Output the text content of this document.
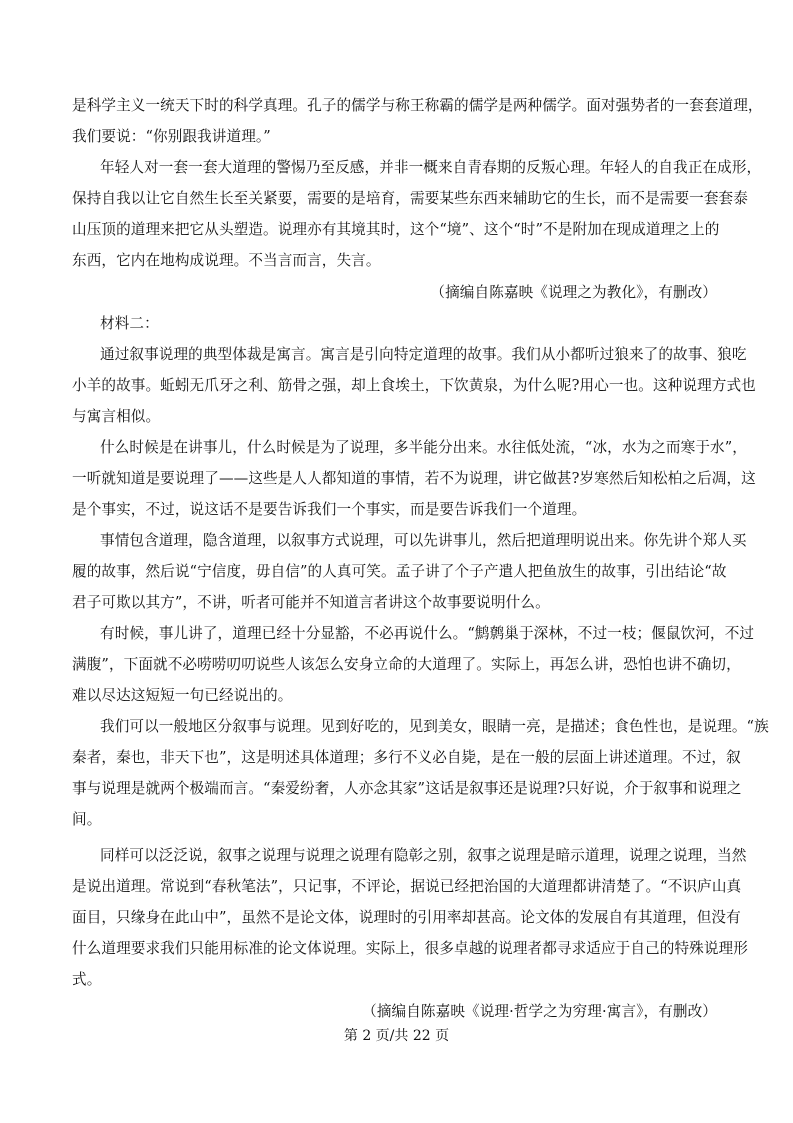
是科学主义一统天下时的科学真理。孔子的儒学与称王称霸的儒学是两种儒学。面对强势者的一套套道理，
我们要说：“你别跟我讲道理。”
年轻人对一套一套大道理的警惕乃至反感，并非一概来自青春期的反叛心理。年轻人的自我正在成形，
保持自我以让它自然生长至关紧要，需要的是培育，需要某些东西来辅助它的生长，而不是需要一套套泰
山压顶的道理来把它从头塑造。说理亦有其境其时，这个“境”、这个“时”不是附加在现成道理之上的
东西，它内在地构成说理。不当言而言，失言。
（摘编自陈嘉映《说理之为教化》，有删改）
材料二：
通过叙事说理的典型体裁是寓言。寓言是引向特定道理的故事。我们从小都听过狼来了的故事、狼吃
小羊的故事。蚯蚓无爪牙之利、筋骨之强，却上食埃土，下饮黄泉，为什么呢?用心一也。这种说理方式也
与寓言相似。
什么时候是在讲事儿，什么时候是为了说理，多半能分出来。水往低处流，“冰，水为之而寒于水”，
一听就知道是要说理了——这些是人人都知道的事情，若不为说理，讲它做甚?岁寒然后知松柏之后凋，这
是个事实，不过，说这话不是要告诉我们一个事实，而是要告诉我们一个道理。
事情包含道理，隐含道理，以叙事方式说理，可以先讲事儿，然后把道理明说出来。你先讲个郑人买
履的故事，然后说“宁信度，毋自信”的人真可笑。孟子讲了个子产遣人把鱼放生的故事，引出结论“故
君子可欺以其方”，不讲，听者可能并不知道言者讲这个故事要说明什么。
有时候，事儿讲了，道理已经十分显豁，不必再说什么。“鹪鹩巢于深林，不过一枝；偃鼠饮河，不过
满腹”，下面就不必唠唠叨叨说些人该怎么安身立命的大道理了。实际上，再怎么讲，恐怕也讲不确切，
难以尽达这短短一句已经说出的。
我们可以一般地区分叙事与说理。见到好吃的，见到美女，眼睛一亮，是描述；食色性也，是说理。“族
秦者，秦也，非天下也”，这是明述具体道理；多行不义必自毙，是在一般的层面上讲述道理。不过，叙
事与说理是就两个极端而言。“秦爱纷奢，人亦念其家”这话是叙事还是说理?只好说，介于叙事和说理之
间。
同样可以泛泛说，叙事之说理与说理之说理有隐彰之别，叙事之说理是暗示道理，说理之说理，当然
是说出道理。常说到“春秋笔法”，只记事，不评论，据说已经把治国的大道理都讲清楚了。“不识庐山真
面目，只缘身在此山中”，虽然不是论文体，说理时的引用率却甚高。论文体的发展自有其道理，但没有
什么道理要求我们只能用标准的论文体说理。实际上，很多卓越的说理者都寻求适应于自己的特殊说理形
式。
（摘编自陈嘉映《说理·哲学之为穷理·寓言》，有删改）
第 2 页/共 22 页
